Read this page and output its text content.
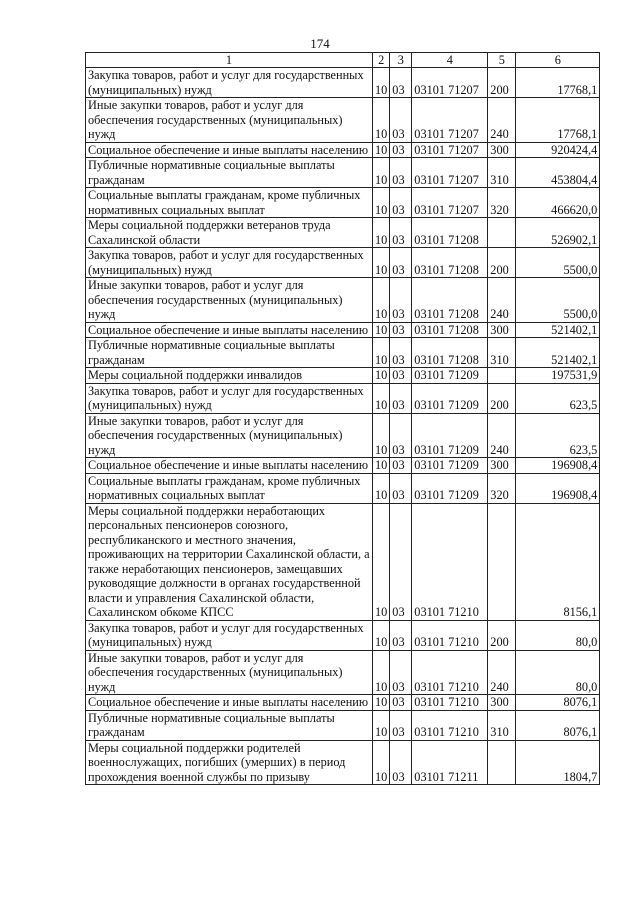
174
1	2	3	4	5	6
Закупка товаров, работ и услуг для государственных (муниципальных) нужд	10	03	03101 71207	200	17768,1
Иные закупки товаров, работ и услуг для обеспечения государственных (муниципальных) нужд	10	03	03101 71207	240	17768,1
Социальное обеспечение и иные выплаты населению	10	03	03101 71207	300	920424,4
Публичные нормативные социальные выплаты гражданам	10	03	03101 71207	310	453804,4
Социальные выплаты гражданам, кроме публичных нормативных социальных выплат	10	03	03101 71207	320	466620,0
Меры социальной поддержки ветеранов труда Сахалинской области	10	03	03101 71208		526902,1
Закупка товаров, работ и услуг для государственных (муниципальных) нужд	10	03	03101 71208	200	5500,0
Иные закупки товаров, работ и услуг для обеспечения государственных (муниципальных) нужд	10	03	03101 71208	240	5500,0
Социальное обеспечение и иные выплаты населению	10	03	03101 71208	300	521402,1
Публичные нормативные социальные выплаты гражданам	10	03	03101 71208	310	521402,1
Меры социальной поддержки инвалидов	10	03	03101 71209		197531,9
Закупка товаров, работ и услуг для государственных (муниципальных) нужд	10	03	03101 71209	200	623,5
Иные закупки товаров, работ и услуг для обеспечения государственных (муниципальных) нужд	10	03	03101 71209	240	623,5
Социальное обеспечение и иные выплаты населению	10	03	03101 71209	300	196908,4
Социальные выплаты гражданам, кроме публичных нормативных социальных выплат	10	03	03101 71209	320	196908,4
Меры социальной поддержки неработающих персональных пенсионеров союзного, республиканского и местного значения, проживающих на территории Сахалинской области, а также неработающих пенсионеров, замещавших руководящие должности в органах государственной власти и управления Сахалинской области, Сахалинском обкоме КПСС	10	03	03101 71210		8156,1
Закупка товаров, работ и услуг для государственных (муниципальных) нужд	10	03	03101 71210	200	80,0
Иные закупки товаров, работ и услуг для обеспечения государственных (муниципальных) нужд	10	03	03101 71210	240	80,0
Социальное обеспечение и иные выплаты населению	10	03	03101 71210	300	8076,1
Публичные нормативные социальные выплаты гражданам	10	03	03101 71210	310	8076,1
Меры социальной поддержки родителей военнослужащих, погибших (умерших) в период прохождения военной службы по призыву	10	03	03101 71211		1804,7
